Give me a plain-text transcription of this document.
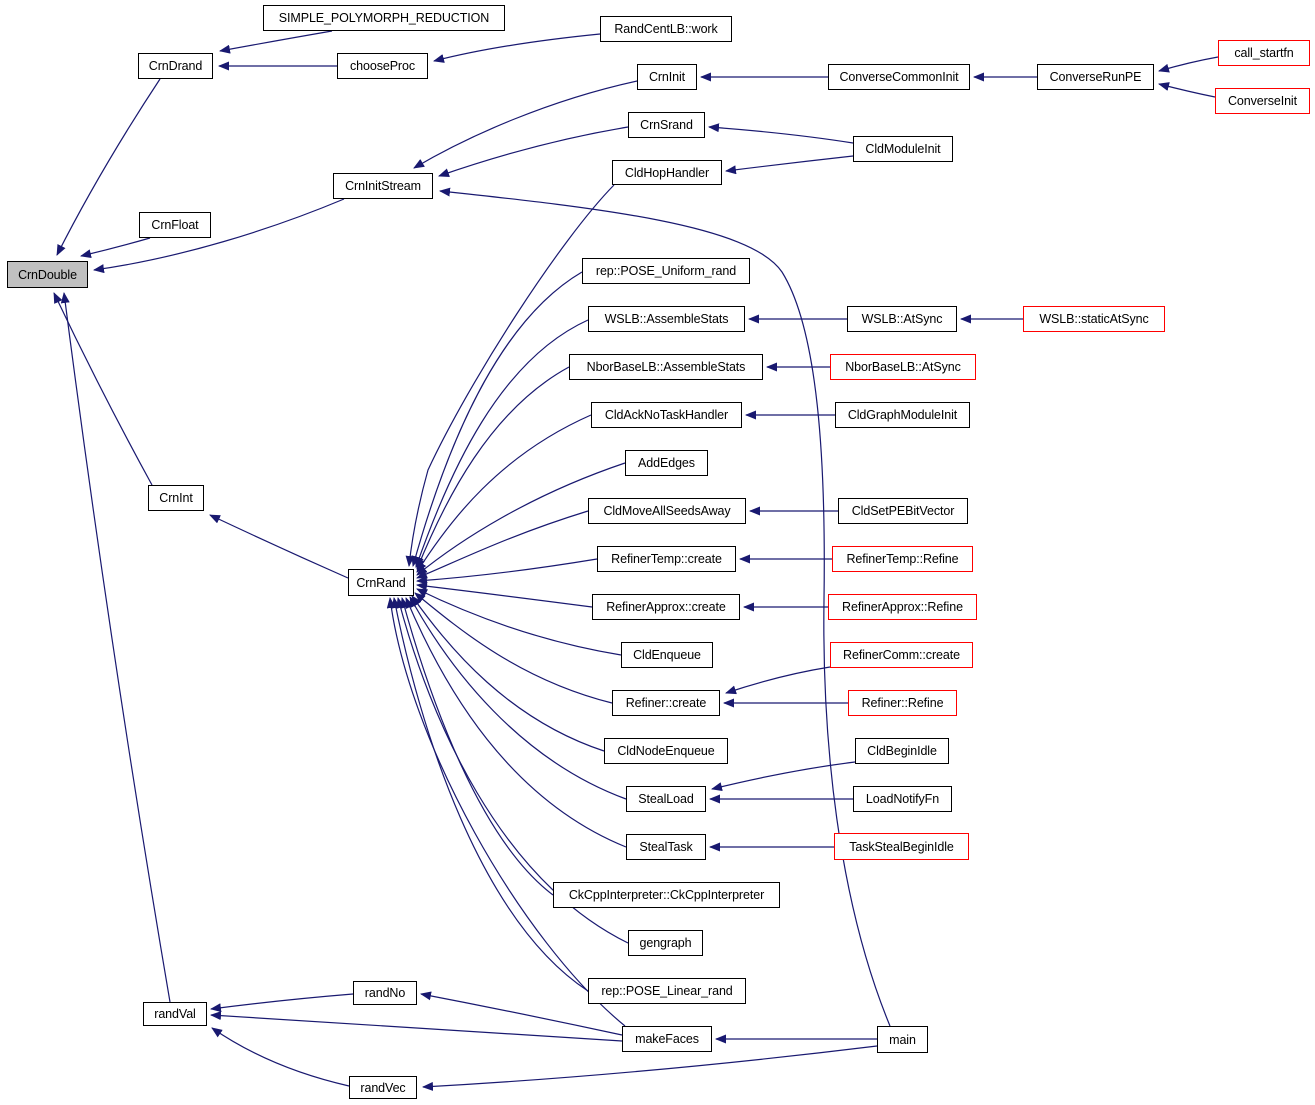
CrnDouble
CrnDrand
SIMPLE_POLYMORPH_REDUCTION
chooseProc
RandCentLB::work
CrnInit	ConverseCommonInit	ConverseRunPE
call_startfn
ConverseInit
CrnSrand
CldModuleInit
CldHopHandler
CrnInitStream
CrnFloat
rep::POSE_Uniform_rand
WSLB::AssembleStats	WSLB::AtSync	WSLB::staticAtSync
NborBaseLB::AssembleStats	NborBaseLB::AtSync
CldAckNoTaskHandler	CldGraphModuleInit
AddEdges
CldMoveAllSeedsAway	CldSetPEBitVector
CrnInt
RefinerTemp::create	RefinerTemp::Refine
CrnRand
RefinerApprox::create	RefinerApprox::Refine
CldEnqueue	RefinerComm::create
Refiner::create	Refiner::Refine
CldNodeEnqueue	CldBeginIdle
StealLoad	LoadNotifyFn
StealTask	TaskStealBeginIdle
CkCppInterpreter::CkCppInterpreter
gengraph
rep::POSE_Linear_rand
randNo
randVal
makeFaces	main
randVec
